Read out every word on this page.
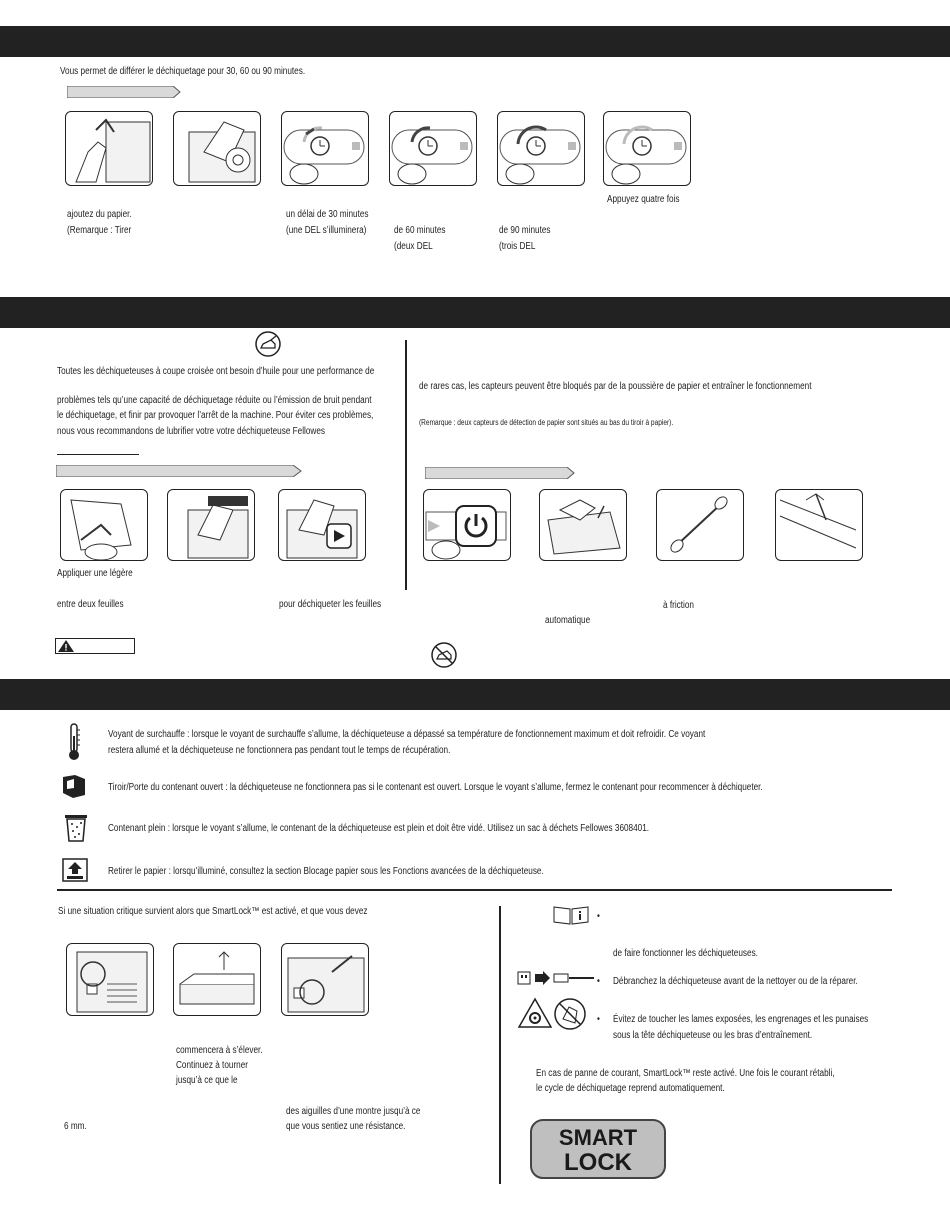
Vous permet de différer le déchiquetage pour 30, 60 ou 90 minutes.
Appuyez quatre fois
ajoutez du papier.
(Remarque : Tirer
un délai de 30 minutes
(une DEL s’illuminera)	de 60 minutes
(deux DEL
de 90 minutes
(trois DEL
Toutes les déchiqueteuses à coupe croisée ont besoin d’huile pour une performance de
problèmes tels qu’une capacité de déchiquetage réduite ou l’émission de bruit pendant
le déchiquetage, et finir par provoquer l’arrêt de la machine. Pour éviter ces problèmes,
nous vous recommandons de lubrifier votre votre déchiqueteuse Fellowes
de rares cas, les capteurs peuvent être bloqués par de la poussière de papier et entraîner le fonctionnement
(Remarque : deux capteurs de détection de papier sont situés au bas du tiroir à papier).
Appliquer une légère
entre deux feuilles	pour déchiqueter les feuilles	à friction
automatique
Voyant de surchauffe : lorsque le voyant de surchauffe s’allume, la déchiqueteuse a dépassé sa température de fonctionnement maximum et doit refroidir. Ce voyant
restera allumé et la déchiqueteuse ne fonctionnera pas pendant tout le temps de récupération.
Tiroir/Porte du contenant ouvert : la déchiqueteuse ne fonctionnera pas si le contenant est ouvert. Lorsque le voyant s’allume, fermez le contenant pour recommencer à déchiqueter.
Contenant plein : lorsque le voyant s’allume, le contenant de la déchiqueteuse est plein et doit être vidé. Utilisez un sac à déchets Fellowes 3608401.
Retirer le papier : lorsqu’illuminé, consultez la section Blocage papier sous les Fonctions avancées de la déchiqueteuse.
Si une situation critique survient alors que SmartLock™ est activé, et que vous devez
commencera à s’élever.
Continuez à tourner
jusqu’à ce que le
des aiguilles d’une montre jusqu’à ce
6 mm.	que vous sentiez une résistance.
•
de faire fonctionner les déchiqueteuses.
• Débranchez la déchiqueteuse avant de la nettoyer ou de la réparer.
• Évitez de toucher les lames exposées, les engrenages et les punaises
sous la tête déchiqueteuse ou les bras d’entraînement.
En cas de panne de courant, SmartLock™ reste activé. Une fois le courant rétabli,
le cycle de déchiquetage reprend automatiquement.
SMART
LOCK
